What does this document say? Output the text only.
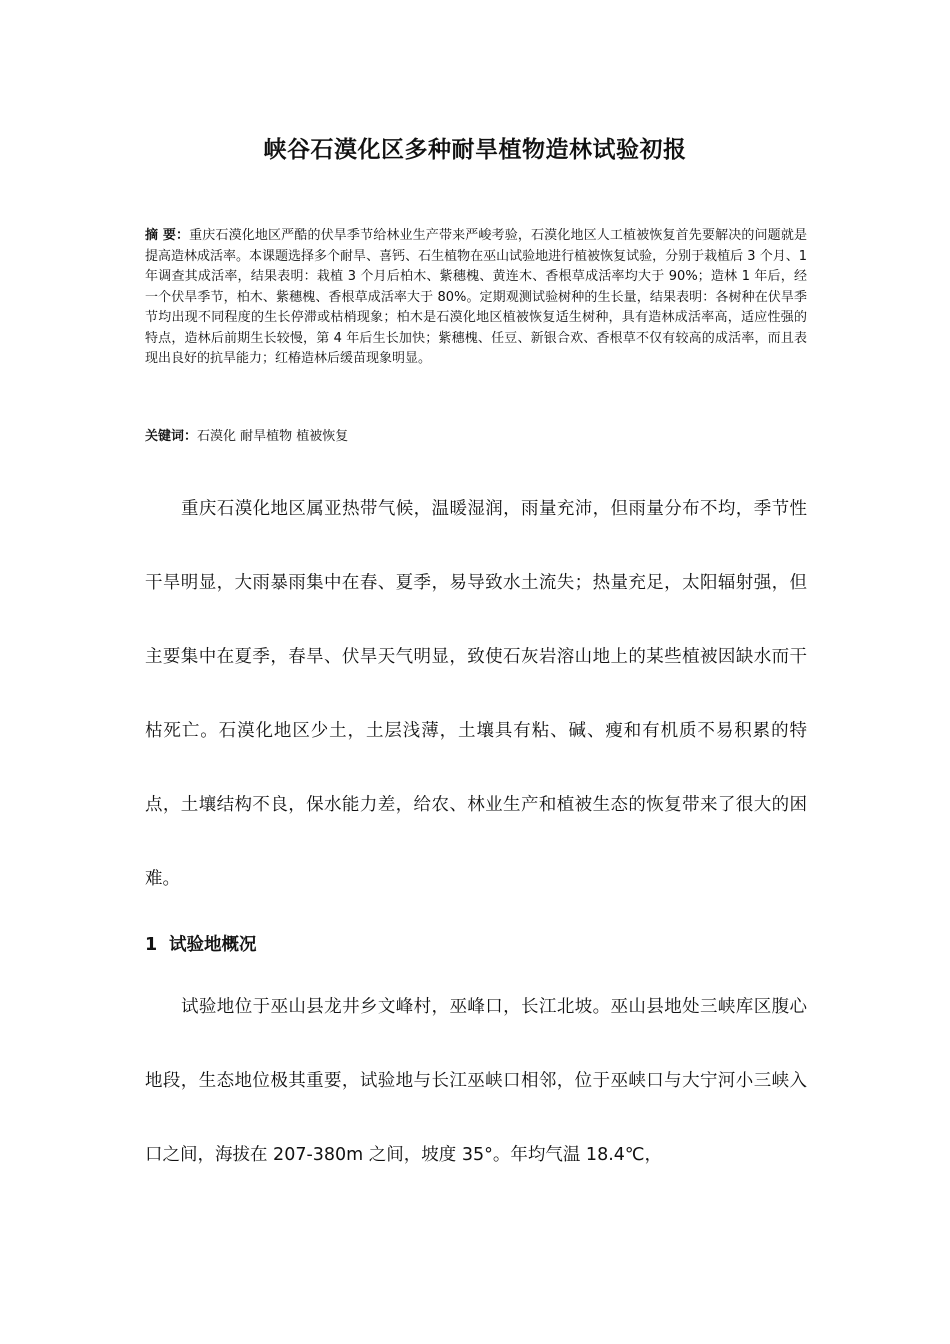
峡谷石漠化区多种耐旱植物造林试验初报
摘 要：重庆石漠化地区严酷的伏旱季节给林业生产带来严峻考验，石漠化地区人工植被恢复首先要解决的问题就是提高造林成活率。本课题选择多个耐旱、喜钙、石生植物在巫山试验地进行植被恢复试验，分别于栽植后 3 个月、1 年调查其成活率，结果表明：栽植 3 个月后柏木、紫穗槐、黄连木、香根草成活率均大于 90%；造林 1 年后，经一个伏旱季节，柏木、紫穗槐、香根草成活率大于 80%。定期观测试验树种的生长量，结果表明：各树种在伏旱季节均出现不同程度的生长停滞或枯梢现象；柏木是石漠化地区植被恢复适生树种，具有造林成活率高，适应性强的特点，造林后前期生长较慢，第 4 年后生长加快；紫穗槐、任豆、新银合欢、香根草不仅有较高的成活率，而且表现出良好的抗旱能力；红椿造林后缓苗现象明显。
关键词：石漠化 耐旱植物 植被恢复
重庆石漠化地区属亚热带气候，温暖湿润，雨量充沛，但雨量分布不均，季节性干旱明显，大雨暴雨集中在春、夏季，易导致水土流失；热量充足，太阳辐射强，但主要集中在夏季，春旱、伏旱天气明显，致使石灰岩溶山地上的某些植被因缺水而干枯死亡。石漠化地区少土，土层浅薄，土壤具有粘、碱、瘦和有机质不易积累的特点，土壤结构不良，保水能力差，给农、林业生产和植被生态的恢复带来了很大的困难。
1 试验地概况
试验地位于巫山县龙井乡文峰村，巫峰口，长江北坡。巫山县地处三峡库区腹心地段，生态地位极其重要，试验地与长江巫峡口相邻，位于巫峡口与大宁河小三峡入口之间，海拔在 207-380m 之间，坡度 35°。年均气温 18.4℃，
